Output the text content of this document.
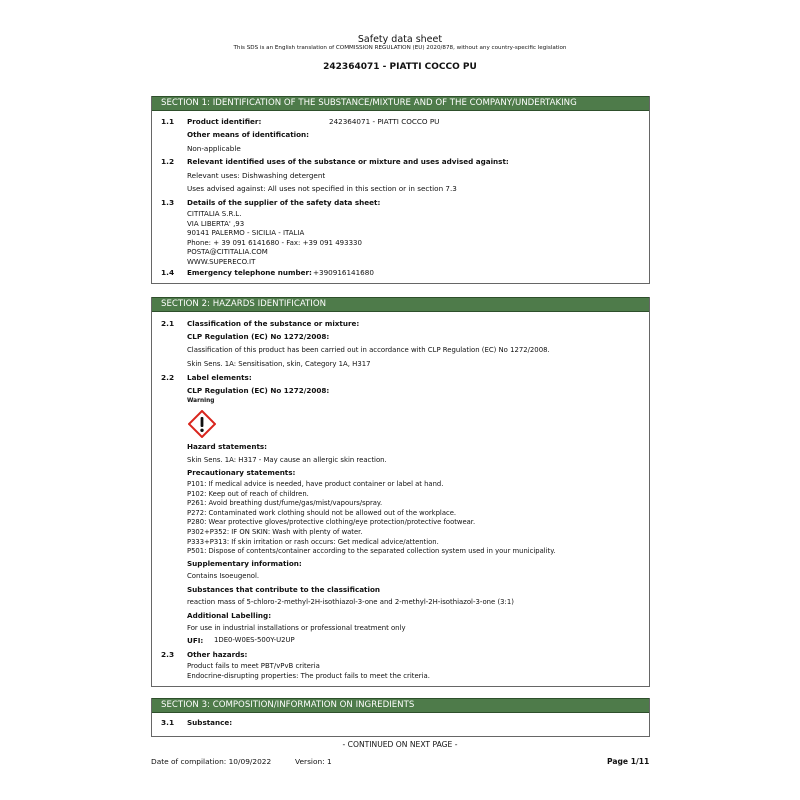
Safety data sheet
This SDS is an English translation of COMMISSION REGULATION (EU) 2020/878, without any country-specific legislation
242364071 - PIATTI COCCO PU
SECTION 1: IDENTIFICATION OF THE SUBSTANCE/MIXTURE AND OF THE COMPANY/UNDERTAKING
1.1 Product identifier:	242364071 - PIATTI COCCO PU
Other means of identification:
Non-applicable
1.2 Relevant identified uses of the substance or mixture and uses advised against:
Relevant uses: Dishwashing detergent
Uses advised against: All uses not specified in this section or in section 7.3
1.3 Details of the supplier of the safety data sheet:
CITITALIA S.R.L.
VIA LIBERTA' ,93
90141 PALERMO - SICILIA - ITALIA
Phone: + 39 091 6141680 - Fax: +39 091 493330
POSTA@CITITALIA.COM
WWW.SUPERECO.IT
1.4 Emergency telephone number: +390916141680
SECTION 2: HAZARDS IDENTIFICATION
2.1 Classification of the substance or mixture:
CLP Regulation (EC) No 1272/2008:
Classification of this product has been carried out in accordance with CLP Regulation (EC) No 1272/2008.
Skin Sens. 1A: Sensitisation, skin, Category 1A, H317
2.2 Label elements:
CLP Regulation (EC) No 1272/2008:
Warning
Hazard statements:
Skin Sens. 1A: H317 - May cause an allergic skin reaction.
Precautionary statements:
P101: If medical advice is needed, have product container or label at hand.
P102: Keep out of reach of children.
P261: Avoid breathing dust/fume/gas/mist/vapours/spray.
P272: Contaminated work clothing should not be allowed out of the workplace.
P280: Wear protective gloves/protective clothing/eye protection/protective footwear.
P302+P352: IF ON SKIN: Wash with plenty of water.
P333+P313: If skin irritation or rash occurs: Get medical advice/attention.
P501: Dispose of contents/container according to the separated collection system used in your municipality.
Supplementary information:
Contains Isoeugenol.
Substances that contribute to the classification
reaction mass of 5-chloro-2-methyl-2H-isothiazol-3-one and 2-methyl-2H-isothiazol-3-one (3:1)
Additional Labelling:
For use in industrial installations or professional treatment only
UFI: 1DE0-W0ES-500Y-U2UP
2.3 Other hazards:
Product fails to meet PBT/vPvB criteria
Endocrine-disrupting properties: The product fails to meet the criteria.
SECTION 3: COMPOSITION/INFORMATION ON INGREDIENTS
3.1 Substance:
- CONTINUED ON NEXT PAGE -
Date of compilation: 10/09/2022	Version: 1	Page 1/11
